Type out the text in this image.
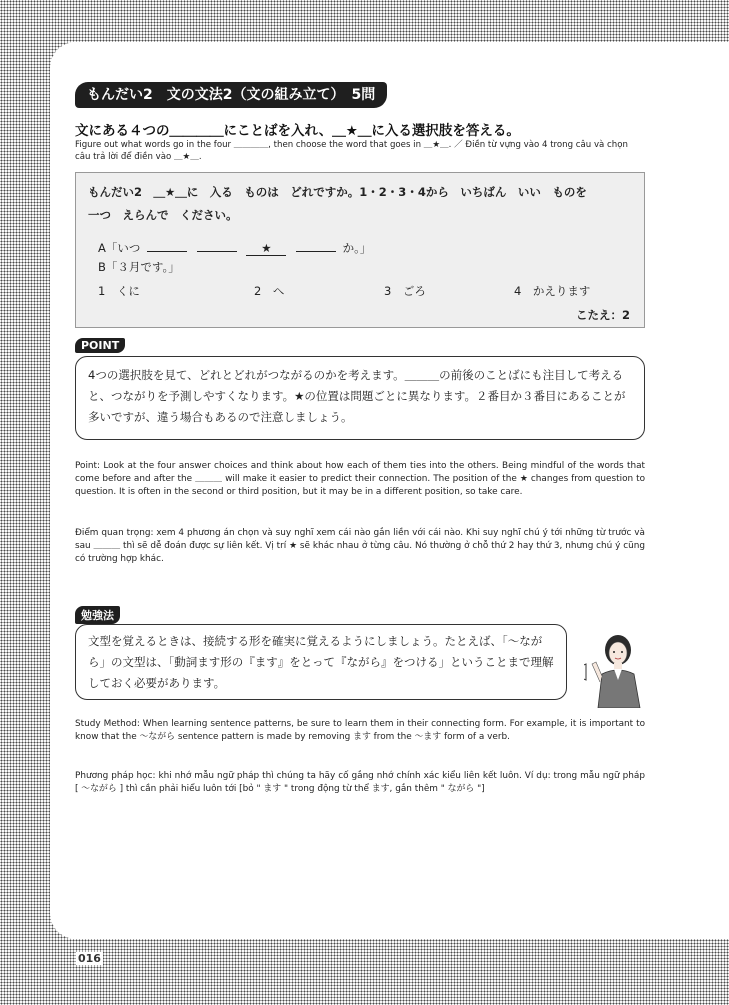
もんだい2　文の文法2（文の組み立て）　5問
文にある４つの＿＿＿＿にことばを入れ、＿★＿に入る選択肢を答える。
Figure out what words go in the four ＿＿＿＿, then choose the word that goes in ＿★＿. ／ Điền từ vựng vào 4 trong câu và chọn câu trả lời để điền vào ＿★＿.
もんだい2　＿★＿に　入る　ものは　どれですか。1・2・3・4から　いちばん　いい　ものを
一つ　えらんで　ください。
A「いつ	★	か。」
B「３月です。」
1　くに	2　へ	3　ごろ	4　かえります
こたえ：2
POINT
4つの選択肢を見て、どれとどれがつながるのかを考えます。＿＿＿の前後のことばにも注目して考えると、つながりを予測しやすくなります。★の位置は問題ごとに異なります。２番目か３番目にあることが多いですが、違う場合もあるので注意しましょう。
Point: Look at the four answer choices and think about how each of them ties into the others. Being mindful of the words that come before and after the ＿＿＿ will make it easier to predict their connection. The position of the ★ changes from question to question. It is often in the second or third position, but it may be in a different position, so take care.
Điểm quan trọng: xem 4 phương án chọn và suy nghĩ xem cái nào gắn liền với cái nào. Khi suy nghĩ chú ý tới những từ trước và sau ＿＿＿ thì sẽ dễ đoán được sự liên kết. Vị trí ★ sẽ khác nhau ở từng câu. Nó thường ở chỗ thứ 2 hay thứ 3, nhưng chú ý cũng có trường hợp khác.
勉強法
文型を覚えるときは、接続する形を確実に覚えるようにしましょう。たとえば、「～ながら」の文型は、「動詞ます形の『ます』をとって『ながら』をつける」ということまで理解しておく必要があります。
Study Method: When learning sentence patterns, be sure to learn them in their connecting form. For example, it is important to know that the ～ながら sentence pattern is made by removing ます from the ～ます form of a verb.
Phương pháp học: khi nhớ mẫu ngữ pháp thì chúng ta hãy cố gắng nhớ chính xác kiểu liên kết luôn. Ví dụ: trong mẫu ngữ pháp [ ～ながら ] thì cần phải hiểu luôn tới [bỏ " ます " trong động từ thể ます, gắn thêm " ながら "]
016
